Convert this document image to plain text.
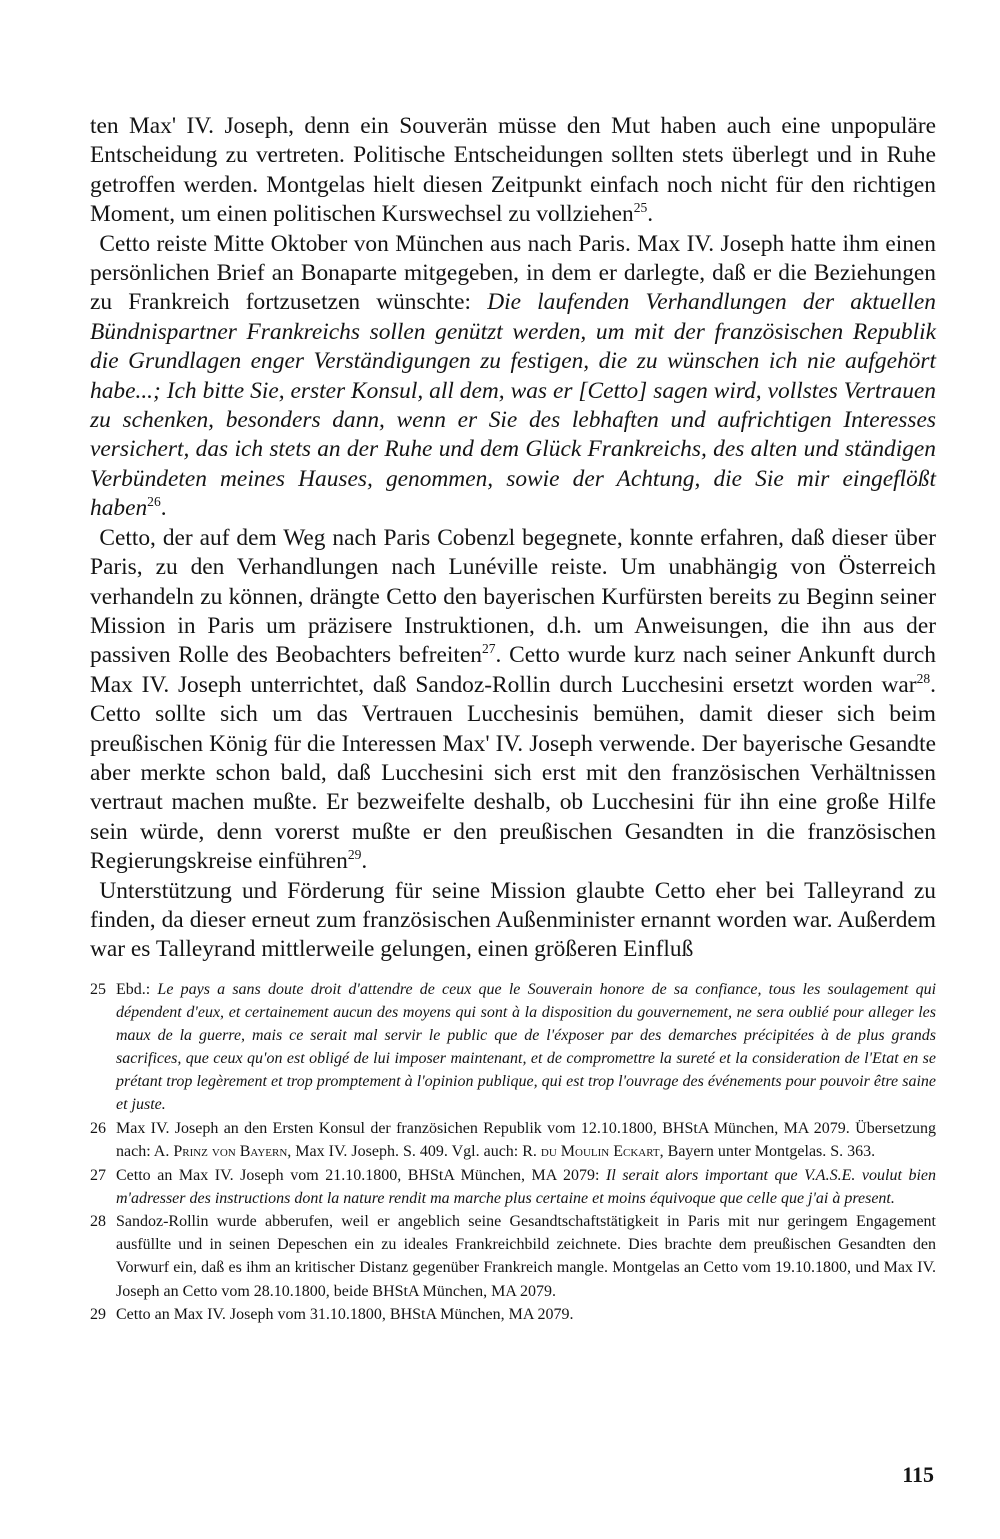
ten Max' IV. Joseph, denn ein Souverän müsse den Mut haben auch eine unpopuläre Entscheidung zu vertreten. Politische Entscheidungen sollten stets überlegt und in Ruhe getroffen werden. Montgelas hielt diesen Zeitpunkt einfach noch nicht für den richtigen Moment, um einen politischen Kurswechsel zu vollziehen$^{25}$.

Cetto reiste Mitte Oktober von München aus nach Paris. Max IV. Joseph hatte ihm einen persönlichen Brief an Bonaparte mitgegeben, in dem er darlegte, daß er die Beziehungen zu Frankreich fortzusetzen wünschte: Die laufenden Verhandlungen der aktuellen Bündnispartner Frankreichs sollen genützt werden, um mit der französischen Republik die Grundlagen enger Verständigungen zu festigen, die zu wünschen ich nie aufgehört habe...; Ich bitte Sie, erster Konsul, all dem, was er [Cetto] sagen wird, vollstes Vertrauen zu schenken, besonders dann, wenn er Sie des lebhaften und aufrichtigen Interesses versichert, das ich stets an der Ruhe und dem Glück Frankreichs, des alten und ständigen Verbündeten meines Hauses, genommen, sowie der Achtung, die Sie mir eingeflößt haben$^{26}$.

Cetto, der auf dem Weg nach Paris Cobenzl begegnete, konnte erfahren, daß dieser über Paris, zu den Verhandlungen nach Lunéville reiste. Um unabhängig von Österreich verhandeln zu können, drängte Cetto den bayerischen Kurfürsten bereits zu Beginn seiner Mission in Paris um präzisere Instruktionen, d.h. um Anweisungen, die ihn aus der passiven Rolle des Beobachters befreiten$^{27}$. Cetto wurde kurz nach seiner Ankunft durch Max IV. Joseph unterrichtet, daß Sandoz-Rollin durch Lucchesini ersetzt worden war$^{28}$. Cetto sollte sich um das Vertrauen Lucchesinis bemühen, damit dieser sich beim preußischen König für die Interessen Max' IV. Joseph verwende. Der bayerische Gesandte aber merkte schon bald, daß Lucchesini sich erst mit den französischen Verhältnissen vertraut machen mußte. Er bezweifelte deshalb, ob Lucchesini für ihn eine große Hilfe sein würde, denn vorerst mußte er den preußischen Gesandten in die französischen Regierungskreise einführen$^{29}$.

Unterstützung und Förderung für seine Mission glaubte Cetto eher bei Talleyrand zu finden, da dieser erneut zum französischen Außenminister ernannt worden war. Außerdem war es Talleyrand mittlerweile gelungen, einen größeren Einfluß

25 Ebd.: Le pays a sans doute droit d'attendre de ceux que le Souverain honore de sa confiance, tous les soulagement qui dépendent d'eux, et certainement aucun des moyens qui sont à la disposition du gouvernement, ne sera oublié pour alleger les maux de la guerre, mais ce serait mal servir le public que de l'éxposer par des demarches précipitées à de plus grands sacrifices, que ceux qu'on est obligé de lui imposer maintenant, et de compromettre la sureté et la consideration de l'Etat en se prétant trop legèrement et trop promptement à l'opinion publique, qui est trop l'ouvrage des événements pour pouvoir être saine et juste.
26 Max IV. Joseph an den Ersten Konsul der französichen Republik vom 12.10.1800, BHStA München, MA 2079. Übersetzung nach: A. Prinz von Bayern, Max IV. Joseph. S. 409. Vgl. auch: R. du Moulin Eckart, Bayern unter Montgelas. S. 363.
27 Cetto an Max IV. Joseph vom 21.10.1800, BHStA München, MA 2079: Il serait alors important que V.A.S.E. voulut bien m'adresser des instructions dont la nature rendit ma marche plus certaine et moins équivoque que celle que j'ai à present.
28 Sandoz-Rollin wurde abberufen, weil er angeblich seine Gesandtschaftstätigkeit in Paris mit nur geringem Engagement ausfüllte und in seinen Depeschen ein zu ideales Frankreichbild zeichnete. Dies brachte dem preußischen Gesandten den Vorwurf ein, daß es ihm an kritischer Distanz gegenüber Frankreich mangle. Montgelas an Cetto vom 19.10.1800, und Max IV. Joseph an Cetto vom 28.10.1800, beide BHStA München, MA 2079.
29 Cetto an Max IV. Joseph vom 31.10.1800, BHStA München, MA 2079.
115
